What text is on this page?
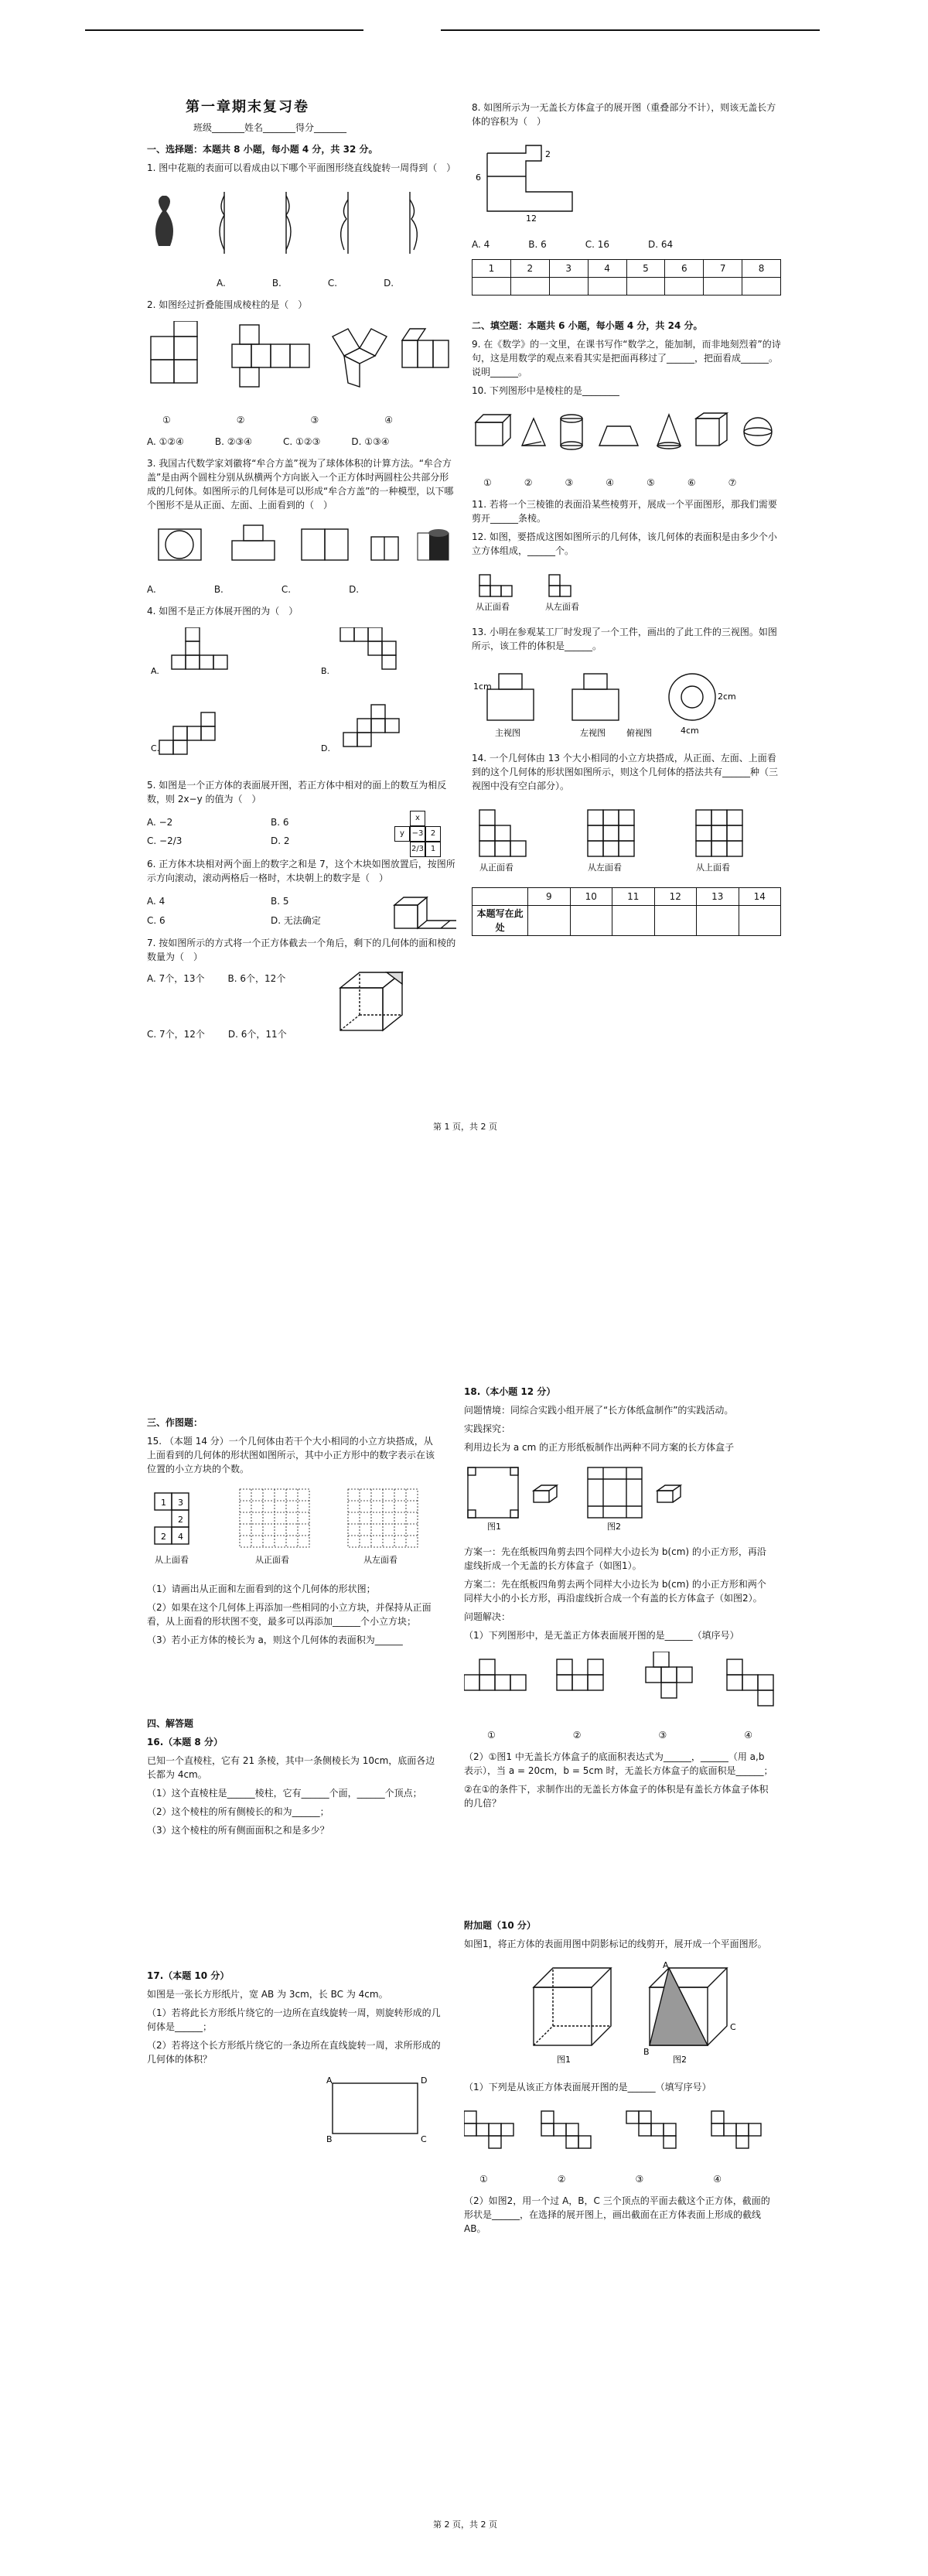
第一章期末复习卷
班级_______姓名_______得分_______
一、选择题：本题共 8 小题，每小题 4 分，共 32 分。
1. 图中花瓶的表面可以看成由以下哪个平面图形绕直线旋转一周得到（　）
A.	B.	C.	D.
2. 如图经过折叠能围成棱柱的是（　）
①	②	③	④
A. ①②④	B. ②③④	C. ①②③	D. ①③④
3. 我国古代数学家刘徽将“牟合方盖”视为了球体体积的计算方法。“牟合方盖”是由两个圆柱分别从纵横两个方向嵌入一个正方体时两圆柱公共部分形成的几何体。如图所示的几何体是可以形成“牟合方盖”的一种模型，以下哪个图形不是从正面、左面、上面看到的（　）
A.	B.	C.	D.
4. 如图不是正方体展开图的为（　）
A.	B.
C.	D.
5. 如图是一个正方体的表面展开图，若正方体中相对的面上的数互为相反数，则 2x−y 的值为（　）
A. −2	B. 6
C. −2/3	D. 2
x
y −3 2
2/3 1
6. 正方体木块相对两个面上的数字之和是 7，这个木块如图放置后，按图所示方向滚动，滚动两格后一格时，木块朝上的数字是（　）
A. 4	B. 5
C. 6	D. 无法确定
7. 按如图所示的方式将一个正方体截去一个角后，剩下的几何体的面和棱的数量为（　）
A. 7个，13个	B. 6个，12个
C. 7个，12个	D. 6个，11个
8. 如图所示为一无盖长方体盒子的展开图（重叠部分不计），则该无盖长方体的容积为（　）
6
2
12
A. 4	B. 6	C. 16	D. 64
1	2	3	4	5	6	7	8

二、填空题：本题共 6 小题，每小题 4 分，共 24 分。
9. 在《数学》的一文里，在课书写作“数学之，能加制，而非地刻烈着”的诗句，这是用数学的观点来看其实是把面再移过了______，把面看成______。说明______。
10. 下列图形中是棱柱的是________
①	②	③	④	⑤	⑥	⑦
11. 若将一个三棱锥的表面沿某些棱剪开，展成一个平面图形，那我们需要剪开______条棱。
12. 如图，要搭成这图如图所示的几何体，该几何体的表面积是由多少个小立方体组成，______个。
从正面看	从左面看
13. 小明在参观某工厂时发现了一个工件，画出的了此工件的三视图。如图所示，该工件的体积是______。
1cm
4cm
2cm
主视图	左视图 俯视图
14. 一个几何体由 13 个大小相同的小立方块搭成，从正面、左面、上面看到的这个几何体的形状图如图所示，则这个几何体的搭法共有______种（三视图中没有空白部分）。
从正面看	从左面看	从上面看
	9	10	11	12	13	14
本题写在此处						
第 1 页，共 2 页
三、作图题：
15. （本题 14 分）一个几何体由若干个大小相同的小立方块搭成，从上面看到的几何体的形状图如图所示，其中小正方形中的数字表示在该位置的小立方块的个数。
1 3
2
2 4
从上面看	从正面看	从左面看
（1）请画出从正面和左面看到的这个几何体的形状图；
（2）如果在这个几何体上再添加一些相同的小立方块，并保持从正面看，从上面看的形状图不变，最多可以再添加______个小立方块；
（3）若小正方体的棱长为 a，则这个几何体的表面积为______
四、解答题
16.（本题 8 分）
已知一个直棱柱，它有 21 条棱，其中一条侧棱长为 10cm，底面各边长都为 4cm。
（1）这个直棱柱是______棱柱，它有______个面，______个顶点；
（2）这个棱柱的所有侧棱长的和为______；
（3）这个棱柱的所有侧面面积之和是多少？
17.（本题 10 分）
如图是一张长方形纸片，宽 AB 为 3cm，长 BC 为 4cm。
（1）若将此长方形纸片绕它的一边所在直线旋转一周，则旋转形成的几何体是______；
（2）若将这个长方形纸片绕它的一条边所在直线旋转一周，求所形成的几何体的体积？
A	D
B	C
18.（本小题 12 分）
问题情境：同综合实践小组开展了“长方体纸盒制作”的实践活动。
实践探究：
利用边长为 a cm 的正方形纸板制作出两种不同方案的长方体盒子
图1	图2
方案一：先在纸板四角剪去四个同样大小边长为 b(cm) 的小正方形，再沿虚线折成一个无盖的长方体盒子（如图1）。
方案二：先在纸板四角剪去两个同样大小边长为 b(cm) 的小正方形和两个同样大小的小长方形，再沿虚线折合成一个有盖的长方体盒子（如图2）。
问题解决：
（1）下列图形中，是无盖正方体表面展开图的是______（填序号）
①	②	③	④
（2）①图1 中无盖长方体盒子的底面积表达式为______，______（用 a,b 表示），当 a = 20cm，b = 5cm 时，无盖长方体盒子的底面积是______；
②在①的条件下，求制作出的无盖长方体盒子的体积是有盖长方体盒子体积的几倍？
附加题（10 分）
如图1，将正方体的表面用图中阴影标记的线剪开，展开成一个平面图形。
图1	图2
A
B
C
（1）下列是从该正方体表面展开图的是______（填写序号）
①	②	③	④
（2）如图2，用一个过 A，B，C 三个顶点的平面去截这个正方体，截面的形状是______，在选择的展开图上，画出截面在正方体表面上形成的截线 AB。
第 2 页，共 2 页
